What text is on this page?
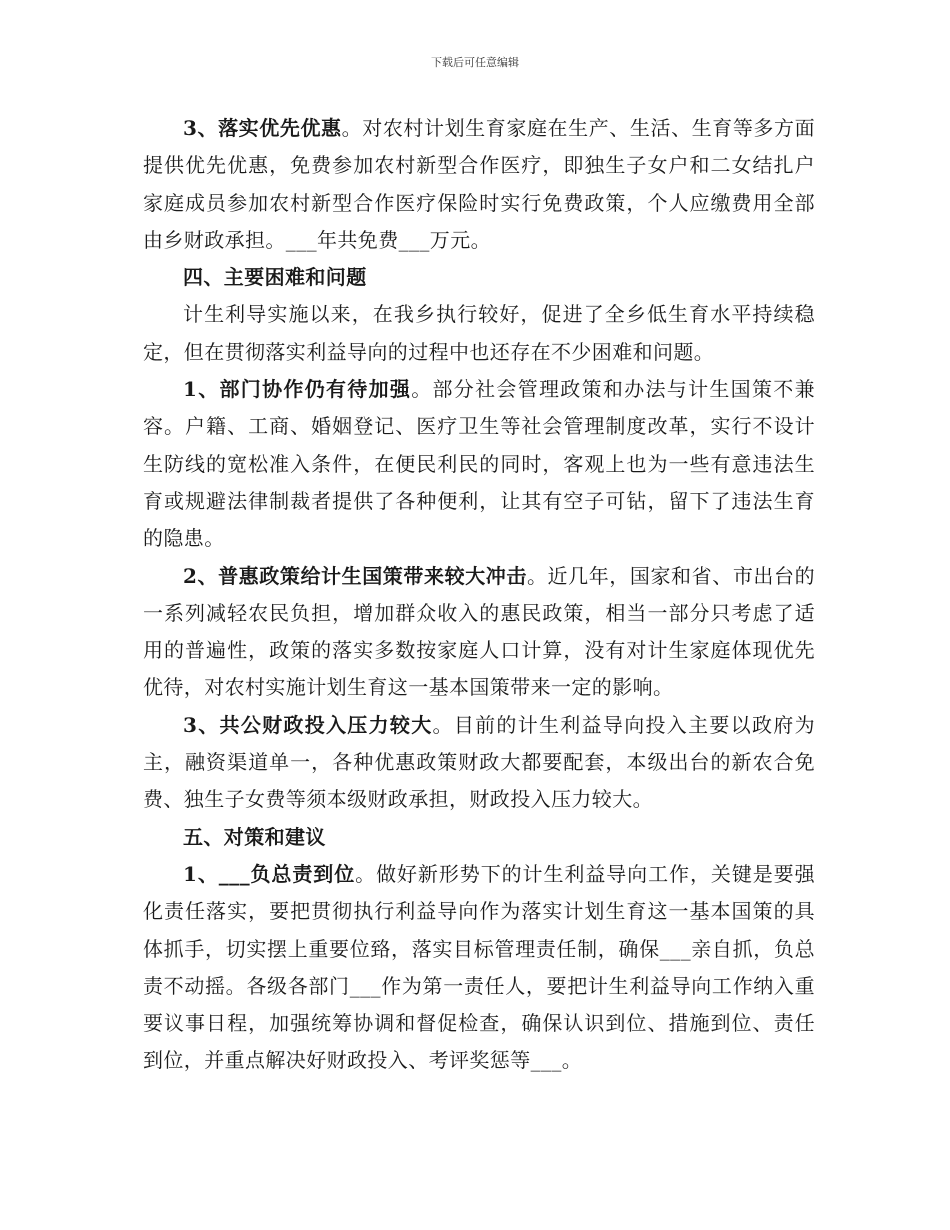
下载后可任意编辑

3、落实优先优惠。对农村计划生育家庭在生产、生活、生育等多方面提供优先优惠，免费参加农村新型合作医疗，即独生子女户和二女结扎户家庭成员参加农村新型合作医疗保险时实行免费政策，个人应缴费用全部由乡财政承担。___年共免费___万元。

四、主要困难和问题

计生利导实施以来，在我乡执行较好，促进了全乡低生育水平持续稳定，但在贯彻落实利益导向的过程中也还存在不少困难和问题。

1、部门协作仍有待加强。部分社会管理政策和办法与计生国策不兼容。户籍、工商、婚姻登记、医疗卫生等社会管理制度改革，实行不设计生防线的宽松准入条件，在便民利民的同时，客观上也为一些有意违法生育或规避法律制裁者提供了各种便利，让其有空子可钻，留下了违法生育的隐患。

2、普惠政策给计生国策带来较大冲击。近几年，国家和省、市出台的一系列减轻农民负担，增加群众收入的惠民政策，相当一部分只考虑了适用的普遍性，政策的落实多数按家庭人口计算，没有对计生家庭体现优先优待，对农村实施计划生育这一基本国策带来一定的影响。

3、共公财政投入压力较大。目前的计生利益导向投入主要以政府为主，融资渠道单一，各种优惠政策财政大都要配套，本级出台的新农合免费、独生子女费等须本级财政承担，财政投入压力较大。

五、对策和建议

1、___负总责到位。做好新形势下的计生利益导向工作，关键是要强化责任落实，要把贯彻执行利益导向作为落实计划生育这一基本国策的具体抓手，切实摆上重要位臵，落实目标管理责任制，确保___亲自抓，负总责不动摇。各级各部门___作为第一责任人，要把计生利益导向工作纳入重要议事日程，加强统筹协调和督促检查，确保认识到位、措施到位、责任到位，并重点解决好财政投入、考评奖惩等___。
